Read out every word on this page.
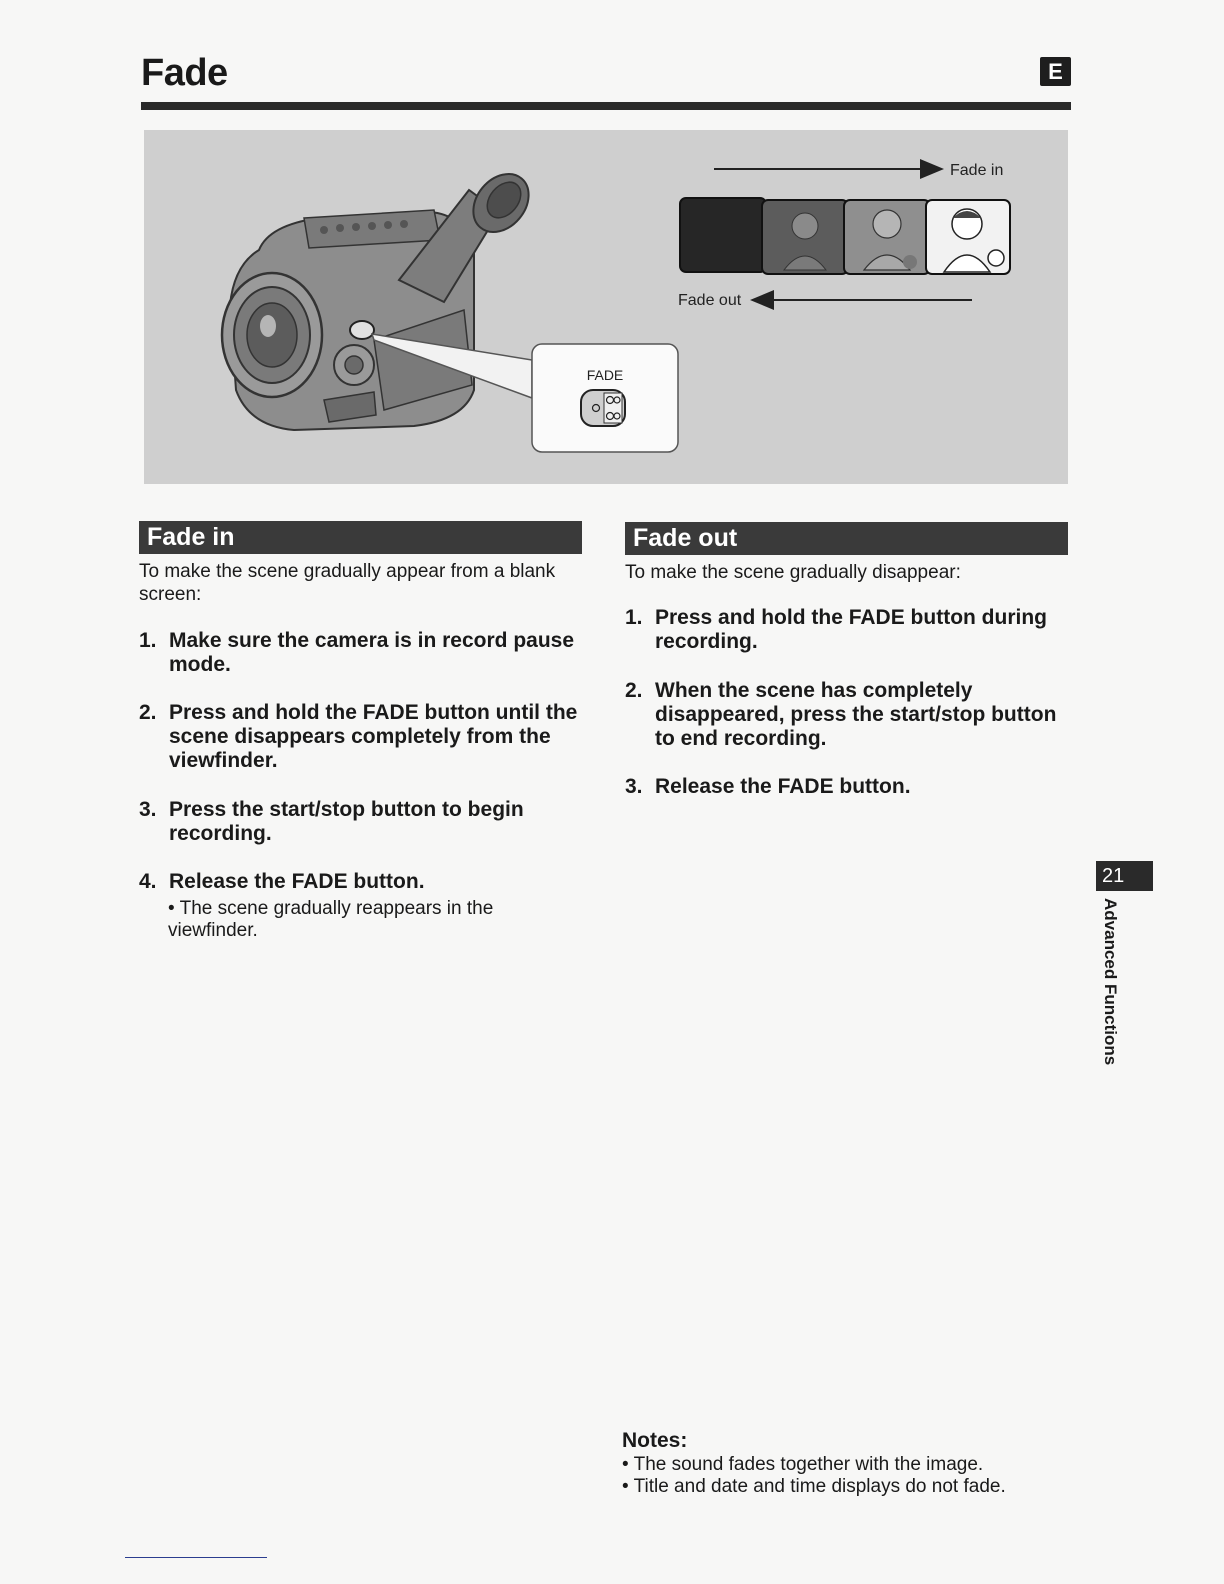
Fade	E
FADE
Fade in
Fade out
Fade in

To make the scene gradually appear from a blank screen:

1. Make sure the camera is in record pause mode.
2. Press and hold the FADE button until the scene disappears completely from the viewfinder.
3. Press the start/stop button to begin recording.
4. Release the FADE button.
• The scene gradually reappears in the viewfinder.
Fade out

To make the scene gradually disappear:

1. Press and hold the FADE button during recording.
2. When the scene has completely disappeared, press the start/stop button to end recording.
3. Release the FADE button.
21
Advanced Functions
Notes:
• The sound fades together with the image.
• Title and date and time displays do not fade.
